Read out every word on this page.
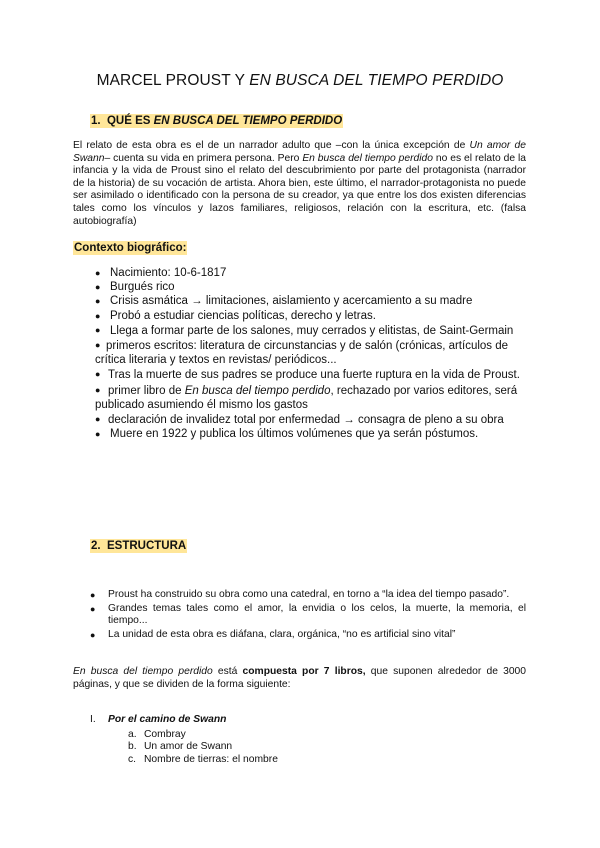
MARCEL PROUST Y EN BUSCA DEL TIEMPO PERDIDO
1. QUÉ ES EN BUSCA DEL TIEMPO PERDIDO

El relato de esta obra es el de un narrador adulto que –con la única excepción de Un amor de Swann– cuenta su vida en primera persona. Pero En busca del tiempo perdido no es el relato de la infancia y la vida de Proust sino el relato del descubrimiento por parte del protagonista (narrador de la historia) de su vocación de artista. Ahora bien, este último, el narrador-protagonista no puede ser asimilado o identificado con la persona de su creador, ya que entre los dos existen diferencias tales como los vínculos y lazos familiares, religiosos, relación con la escritura, etc. (falsa autobiografía)

Contexto biográfico:
● Nacimiento: 10-6-1817
● Burgués rico
● Crisis asmática → limitaciones, aislamiento y acercamiento a su madre
● Probó a estudiar ciencias políticas, derecho y letras.
● Llega a formar parte de los salones, muy cerrados y elitistas, de Saint-Germain
● primeros escritos: literatura de circunstancias y de salón (crónicas, artículos de crítica literaria y textos en revistas/ periódicos...
● Tras la muerte de sus padres se produce una fuerte ruptura en la vida de Proust.
● primer libro de En busca del tiempo perdido, rechazado por varios editores, será publicado asumiendo él mismo los gastos
● declaración de invalidez total por enfermedad → consagra de pleno a su obra
● Muere en 1922 y publica los últimos volúmenes que ya serán póstumos.
2. ESTRUCTURA
● Proust ha construido su obra como una catedral, en torno a “la idea del tiempo pasado”.
● Grandes temas tales como el amor, la envidia o los celos, la muerte, la memoria, el tiempo...
● La unidad de esta obra es diáfana, clara, orgánica, “no es artificial sino vital”

En busca del tiempo perdido está compuesta por 7 libros, que suponen alrededor de 3000 páginas, y que se dividen de la forma siguiente:

I. Por el camino de Swann
a. Combray
b. Un amor de Swann
c. Nombre de tierras: el nombre
